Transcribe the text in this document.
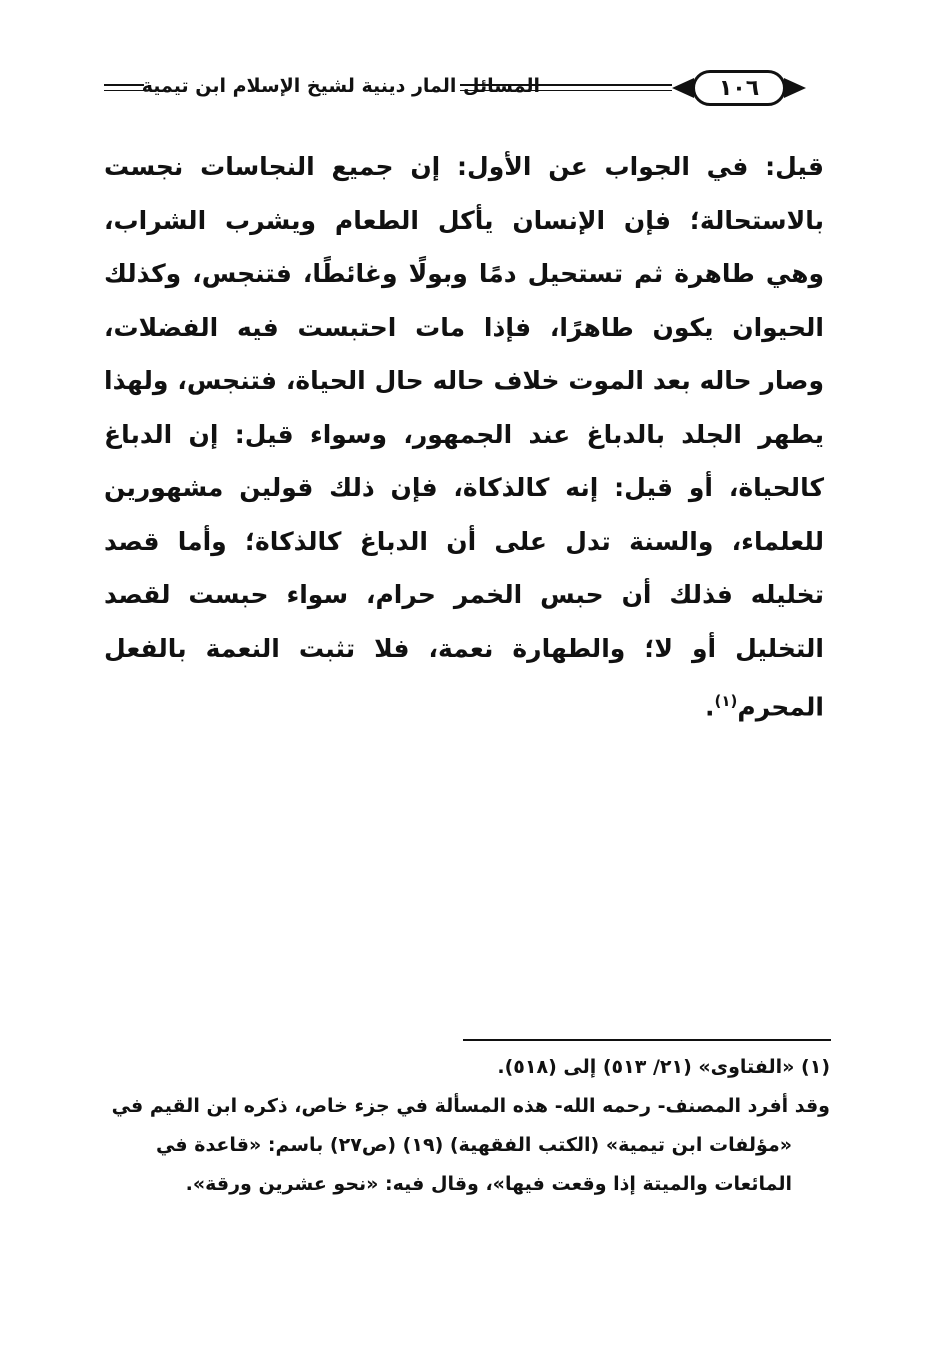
المسائل المار دينية لشيخ الإسلام ابن تيمية	١٠٦
قيل: في الجواب عن الأول: إن جميع النجاسات نجست بالاستحالة؛ فإن الإنسان يأكل الطعام ويشرب الشراب، وهي طاهرة ثم تستحيل دمًا وبولًا وغائطًا، فتنجس، وكذلك الحيوان يكون طاهرًا، فإذا مات احتبست فيه الفضلات، وصار حاله بعد الموت خلاف حاله حال الحياة، فتنجس، ولهذا يطهر الجلد بالدباغ عند الجمهور، وسواء قيل: إن الدباغ كالحياة، أو قيل: إنه كالذكاة، فإن ذلك قولين مشهورين للعلماء، والسنة تدل على أن الدباغ كالذكاة؛ وأما قصد تخليله فذلك أن حبس الخمر حرام، سواء حبست لقصد التخليل أو لا؛ والطهارة نعمة، فلا تثبت النعمة بالفعل المحرم$^{(١)}$.

(١) «الفتاوى» (٢١/ ٥١٣) إلى (٥١٨).

وقد أفرد المصنف- رحمه الله- هذه المسألة في جزء خاص، ذكره ابن القيم في

«مؤلفات ابن تيمية» (الكتب الفقهية) (١٩) (ص٢٧) باسم: «قاعدة في

المائعات والميتة إذا وقعت فيها»، وقال فيه: «نحو عشرين ورقة».
